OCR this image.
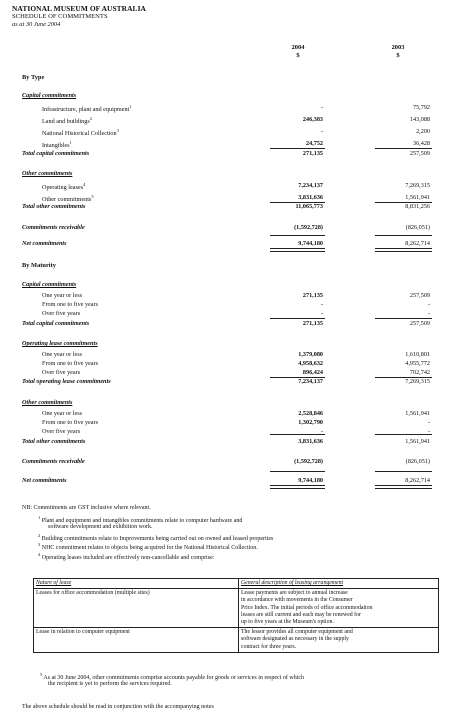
NATIONAL MUSEUM OF AUSTRALIA
SCHEDULE OF COMMITMENTS
as at 30 June 2004
2004	2003
$	$
By Type
Capital commitments
Infrastructure, plant and equipment$^1$	-	75,792
Land and buildings$^2$	246,383	143,088
National Historical Collection$^3$	-	2,200
Intangibles$^1$	24,752	36,428
Total capital commitments	271,135	257,509
Other commitments
Operating leases$^4$	7,234,137	7,269,315
Other commitments$^5$	3,831,636	1,561,941
Total other commitments	11,065,773	8,831,256
Commitments receivable	(1,592,728)	(826,051)
Net commitments	9,744,180	8,262,714
By Maturity
Capital commitments
One year or less	271,135	257,509
From one to five years	-	-
Over five years	-	-
Total capital commitments	271,135	257,509
Operating lease commitments
One year or less	1,379,080	1,610,801
From one to five years	4,958,632	4,955,772
Over five years	896,424	702,742
Total operating lease commitments	7,234,137	7,269,315
Other commitments
One year or less	2,528,846	1,561,941
From one to five years	1,302,790	-
Over five years	-	-
Total other commitments	3,831,636	1,561,941
Commitments receivable	(1,592,728)	(826,051)
Net commitments	9,744,180	8,262,714
NB: Commitments are GST inclusive where relevant.
$^1$ Plant and equipment and intangibles commitments relate to computer hardware and
software development and exhibition work.
$^2$ Building commitments relate to Improvements being carried out on owned and leased properties
$^3$ NHC commitment relates to objects being acquired for the National Historical Collection.
$^4$ Operating leases included are effectively non-cancellable and comprise:
Nature of lease	General description of leasing arrangement
Leases for office accommodation (multiple sites)	Lease payments are subject to annual increase
in accordance with movements in the Consumer
Price Index. The initial periods of office accommodation
leases are still current and each may be renewed for
up to five years at the Museum's option.

Lease in relation to computer equipment	The lessor provides all computer equipment and
software designated as necessary in the supply
contract for three years.
$^5$ As at 30 June 2004, other commitments comprise accounts payable for goods or services in respect of which
the recipient is yet to perform the services required.
The above schedule should be read in conjunction with the accompanying notes
